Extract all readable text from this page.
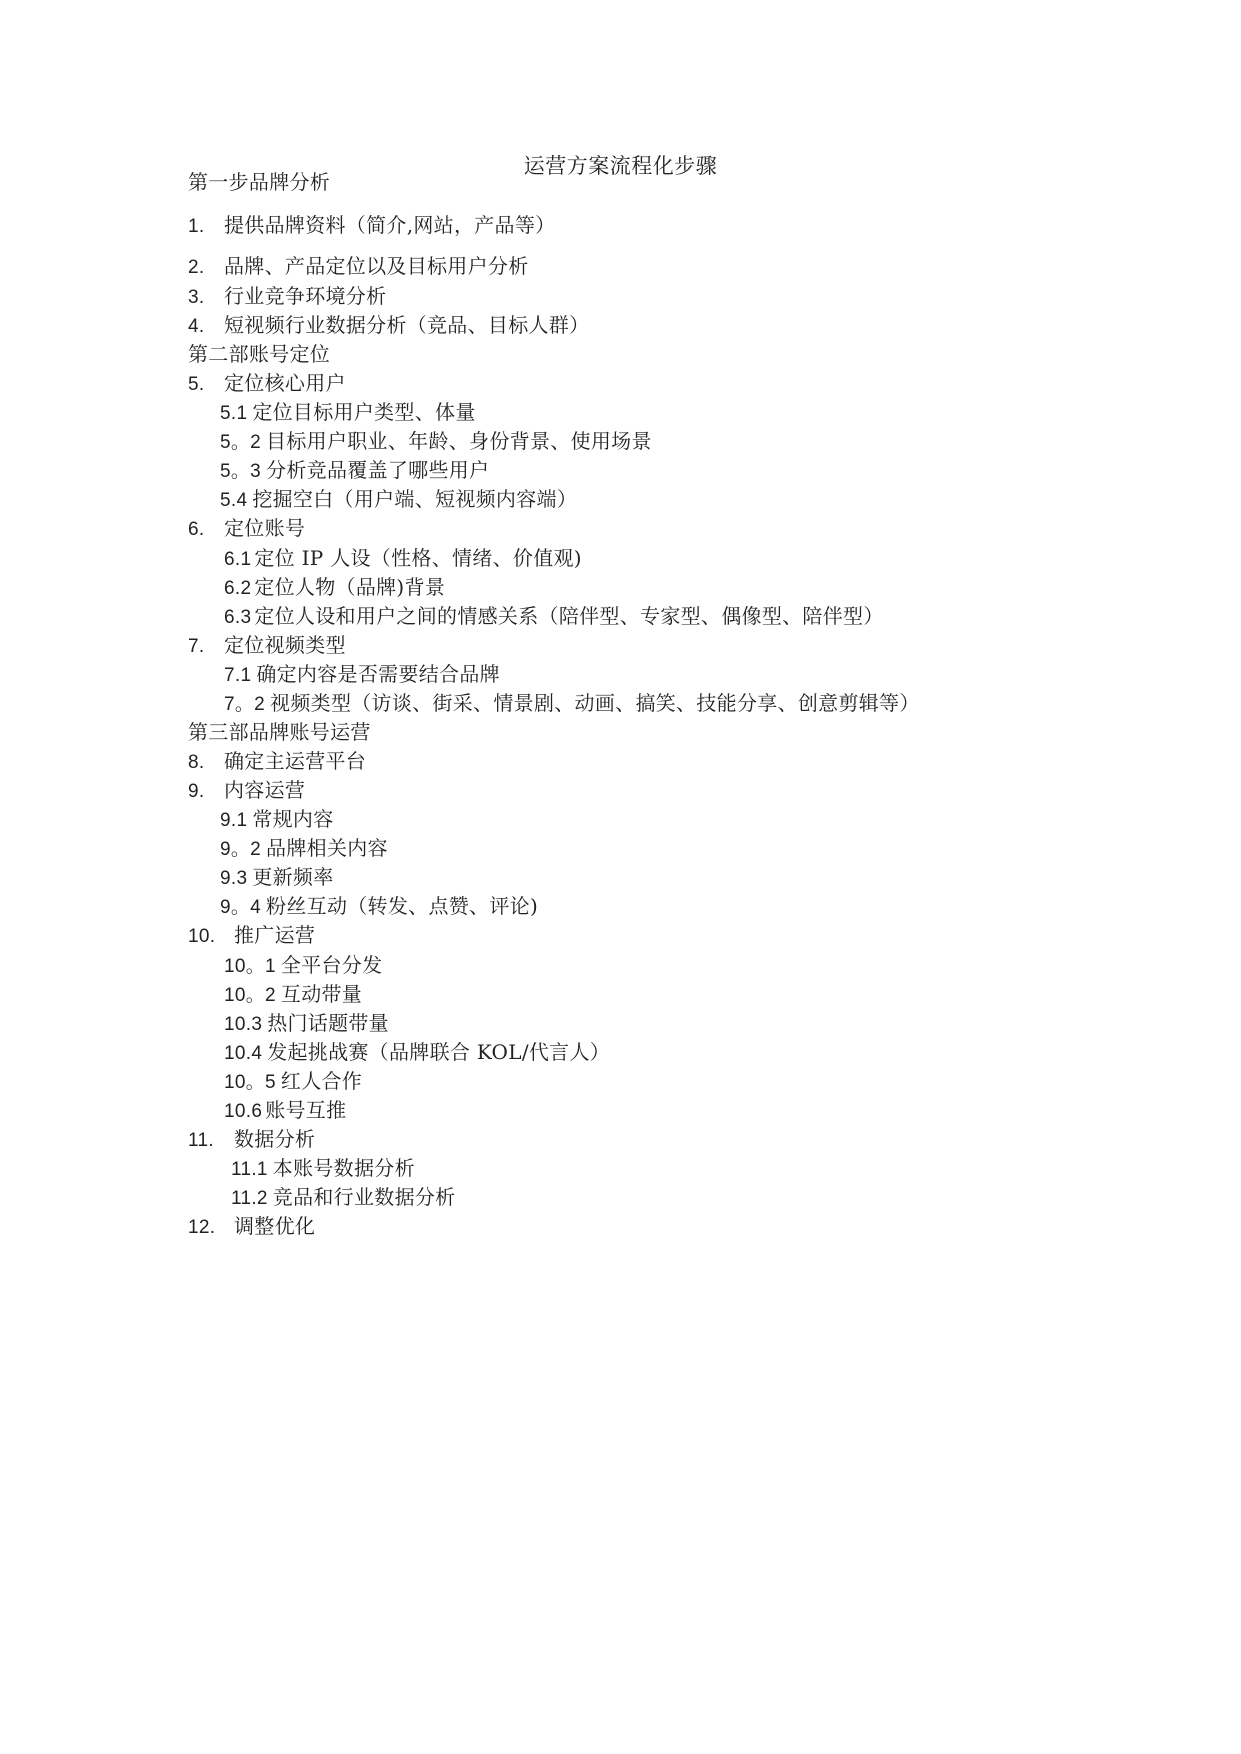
运营方案流程化步骤
第一步品牌分析
1. 提供品牌资料（简介,网站，产品等）
2. 品牌、产品定位以及目标用户分析
3. 行业竞争环境分析
4. 短视频行业数据分析（竞品、目标人群）
第二部账号定位
5. 定位核心用户
5.1 定位目标用户类型、体量
5。2 目标用户职业、年龄、身份背景、使用场景
5。3 分析竞品覆盖了哪些用户
5.4 挖掘空白（用户端、短视频内容端）
6. 定位账号
6.1 定位 IP 人设（性格、情绪、价值观)
6.2 定位人物（品牌)背景
6.3 定位人设和用户之间的情感关系（陪伴型、专家型、偶像型、陪伴型）
7. 定位视频类型
7.1 确定内容是否需要结合品牌
7。2 视频类型（访谈、街采、情景剧、动画、搞笑、技能分享、创意剪辑等）
第三部品牌账号运营
8. 确定主运营平台
9. 内容运营
9.1 常规内容
9。2 品牌相关内容
9.3 更新频率
9。4 粉丝互动（转发、点赞、评论)
10. 推广运营
10。1 全平台分发
10。2 互动带量
10.3 热门话题带量
10.4 发起挑战赛（品牌联合 KOL/代言人）
10。5 红人合作
10.6 账号互推
11. 数据分析
11.1 本账号数据分析
11.2 竞品和行业数据分析
12. 调整优化
